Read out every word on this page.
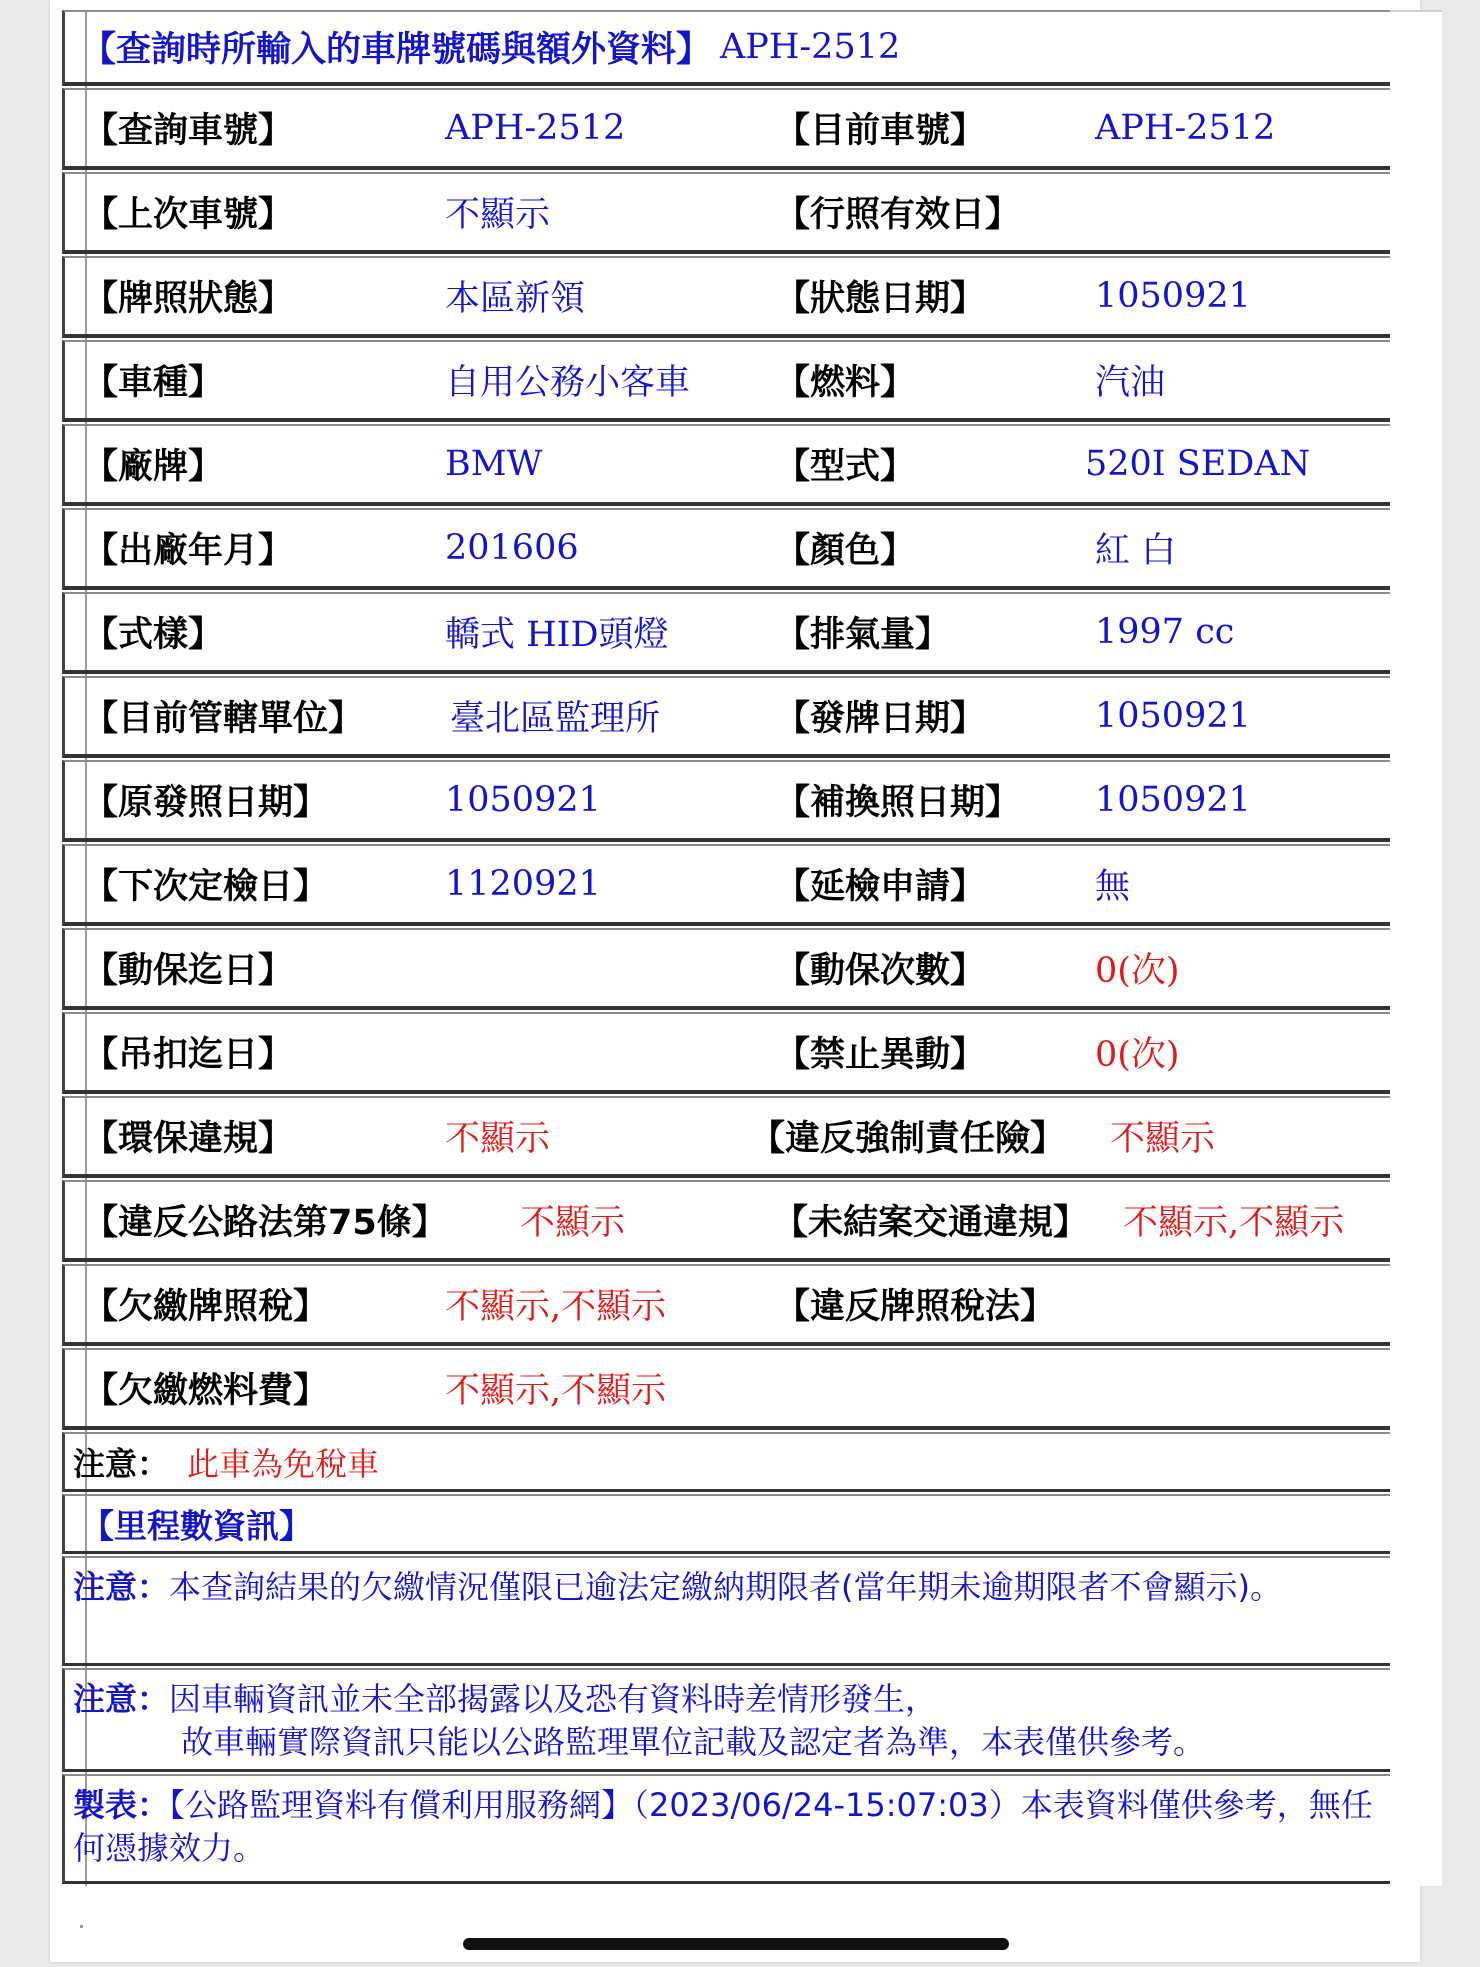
【查詢時所輸入的車牌號碼與額外資料】 APH-2512
【查詢車號】	APH-2512	【目前車號】	APH-2512
【上次車號】	不顯示	【行照有效日】
【牌照狀態】	本區新領	【狀態日期】	1050921
【車種】	自用公務小客車 【燃料】	汽油
【廠牌】	BMW	【型式】	520I SEDAN
【出廠年月】	201606	【顏色】	紅 白
【式樣】	轎式 HID頭燈	【排氣量】	1997 cc
【目前管轄單位】 臺北區監理所	【發牌日期】	1050921
【原發照日期】	1050921	【補換照日期】 1050921
【下次定檢日】	1120921	【延檢申請】	無
【動保迄日】	【動保次數】	0(次)
【吊扣迄日】	【禁止異動】	0(次)
【環保違規】	不顯示	【違反強制責任險】 不顯示
【違反公路法第75條】 不顯示	【未結案交通違規】 不顯示,不顯示
【欠繳牌照稅】	不顯示,不顯示	【違反牌照稅法】
【欠繳燃料費】	不顯示,不顯示
注意： 此車為免稅車
【里程數資訊】
注意：本查詢結果的欠繳情況僅限已逾法定繳納期限者(當年期未逾期限者不會顯示)。
注意：因車輛資訊並未全部揭露以及恐有資料時差情形發生，
故車輛實際資訊只能以公路監理單位記載及認定者為準，本表僅供參考。
製表：【公路監理資料有償利用服務網】（2023/06/24-15:07:03）本表資料僅供參考，無任何憑據效力。
